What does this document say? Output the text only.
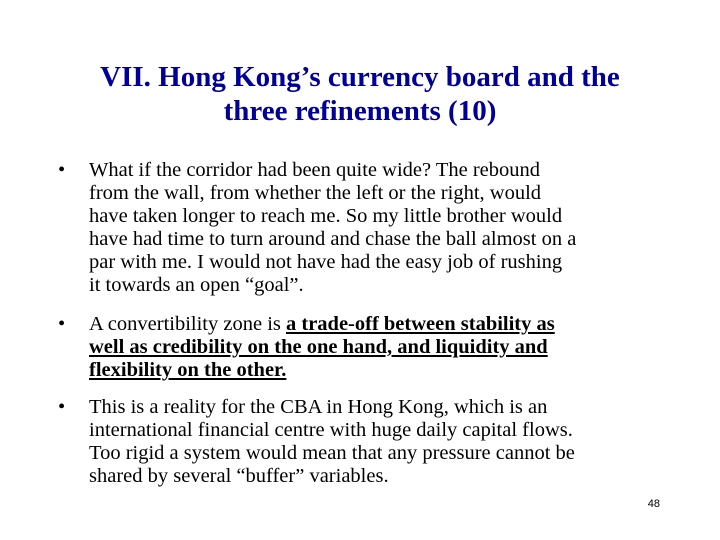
VII. Hong Kong’s currency board and the
three refinements (10)
•	What if the corridor had been quite wide? The rebound
from the wall, from whether the left or the right, would
have taken longer to reach me. So my little brother would
have had time to turn around and chase the ball almost on a
par with me. I would not have had the easy job of rushing
it towards an open “goal”.
•	A convertibility zone is a trade-off between stability as
well as credibility on the one hand, and liquidity and
flexibility on the other.
•	This is a reality for the CBA in Hong Kong, which is an
international financial centre with huge daily capital flows.
Too rigid a system would mean that any pressure cannot be
shared by several “buffer” variables.
48
